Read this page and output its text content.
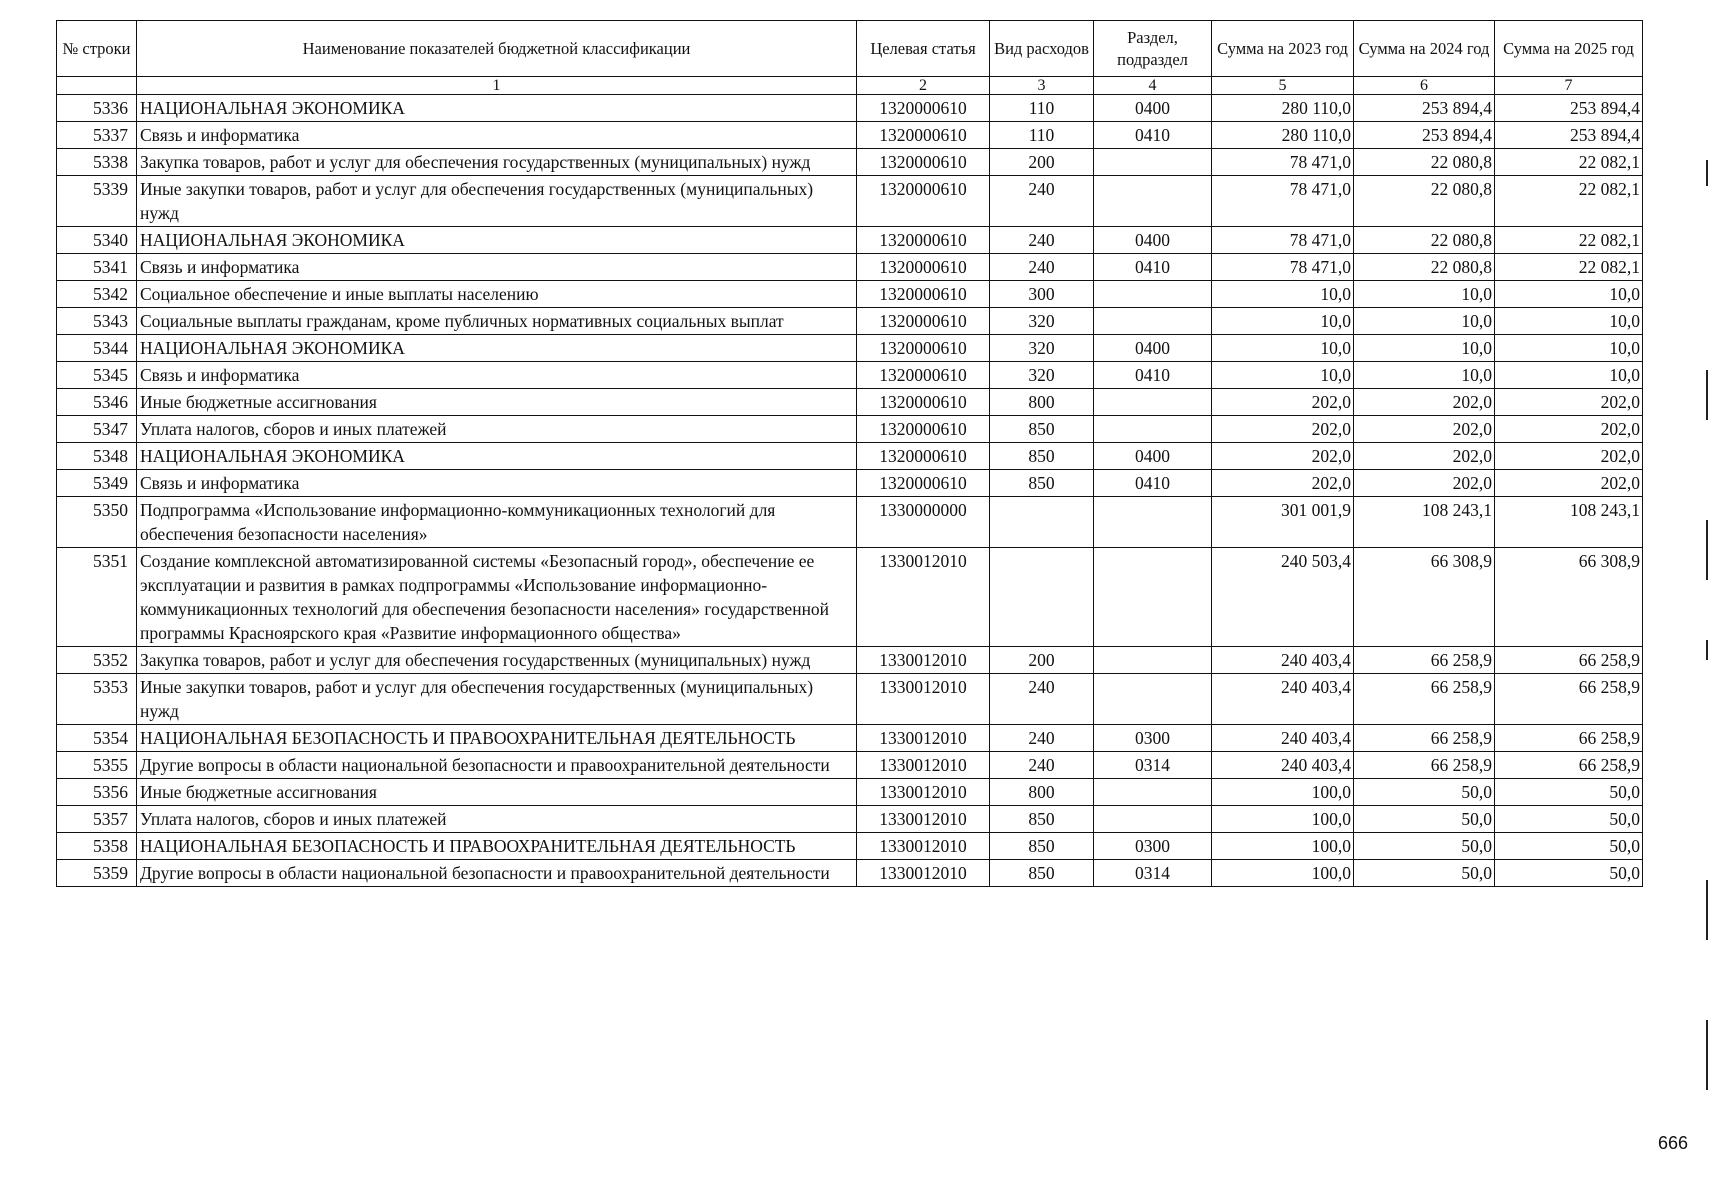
№ строки	Наименование показателей бюджетной классификации	Целевая статья	Вид расходов	Раздел, подраздел	Сумма на 2023 год	Сумма на 2024 год	Сумма на 2025 год
	1	2	3	4	5	6	7
5336	НАЦИОНАЛЬНАЯ ЭКОНОМИКА	1320000610	110	0400	280 110,0	253 894,4	253 894,4
5337	Связь и информатика	1320000610	110	0410	280 110,0	253 894,4	253 894,4
5338	Закупка товаров, работ и услуг для обеспечения государственных (муниципальных) нужд	1320000610	200		78 471,0	22 080,8	22 082,1
5339	Иные закупки товаров, работ и услуг для обеспечения государственных (муниципальных) нужд	1320000610	240		78 471,0	22 080,8	22 082,1
5340	НАЦИОНАЛЬНАЯ ЭКОНОМИКА	1320000610	240	0400	78 471,0	22 080,8	22 082,1
5341	Связь и информатика	1320000610	240	0410	78 471,0	22 080,8	22 082,1
5342	Социальное обеспечение и иные выплаты населению	1320000610	300		10,0	10,0	10,0
5343	Социальные выплаты гражданам, кроме публичных нормативных социальных выплат	1320000610	320		10,0	10,0	10,0
5344	НАЦИОНАЛЬНАЯ ЭКОНОМИКА	1320000610	320	0400	10,0	10,0	10,0
5345	Связь и информатика	1320000610	320	0410	10,0	10,0	10,0
5346	Иные бюджетные ассигнования	1320000610	800		202,0	202,0	202,0
5347	Уплата налогов, сборов и иных платежей	1320000610	850		202,0	202,0	202,0
5348	НАЦИОНАЛЬНАЯ ЭКОНОМИКА	1320000610	850	0400	202,0	202,0	202,0
5349	Связь и информатика	1320000610	850	0410	202,0	202,0	202,0
5350	Подпрограмма «Использование информационно-коммуникационных технологий для обеспечения безопасности населения»	1330000000			301 001,9	108 243,1	108 243,1
5351	Создание комплексной автоматизированной системы «Безопасный город», обеспечение ее эксплуатации и развития в рамках подпрограммы «Использование информационно-коммуникационных технологий для обеспечения безопасности населения» государственной программы Красноярского края «Развитие информационного общества»	1330012010			240 503,4	66 308,9	66 308,9
5352	Закупка товаров, работ и услуг для обеспечения государственных (муниципальных) нужд	1330012010	200		240 403,4	66 258,9	66 258,9
5353	Иные закупки товаров, работ и услуг для обеспечения государственных (муниципальных) нужд	1330012010	240		240 403,4	66 258,9	66 258,9
5354	НАЦИОНАЛЬНАЯ БЕЗОПАСНОСТЬ И ПРАВООХРАНИТЕЛЬНАЯ ДЕЯТЕЛЬНОСТЬ	1330012010	240	0300	240 403,4	66 258,9	66 258,9
5355	Другие вопросы в области национальной безопасности и правоохранительной деятельности	1330012010	240	0314	240 403,4	66 258,9	66 258,9
5356	Иные бюджетные ассигнования	1330012010	800		100,0	50,0	50,0
5357	Уплата налогов, сборов и иных платежей	1330012010	850		100,0	50,0	50,0
5358	НАЦИОНАЛЬНАЯ БЕЗОПАСНОСТЬ И ПРАВООХРАНИТЕЛЬНАЯ ДЕЯТЕЛЬНОСТЬ	1330012010	850	0300	100,0	50,0	50,0
5359	Другие вопросы в области национальной безопасности и правоохранительной деятельности	1330012010	850	0314	100,0	50,0	50,0
666
